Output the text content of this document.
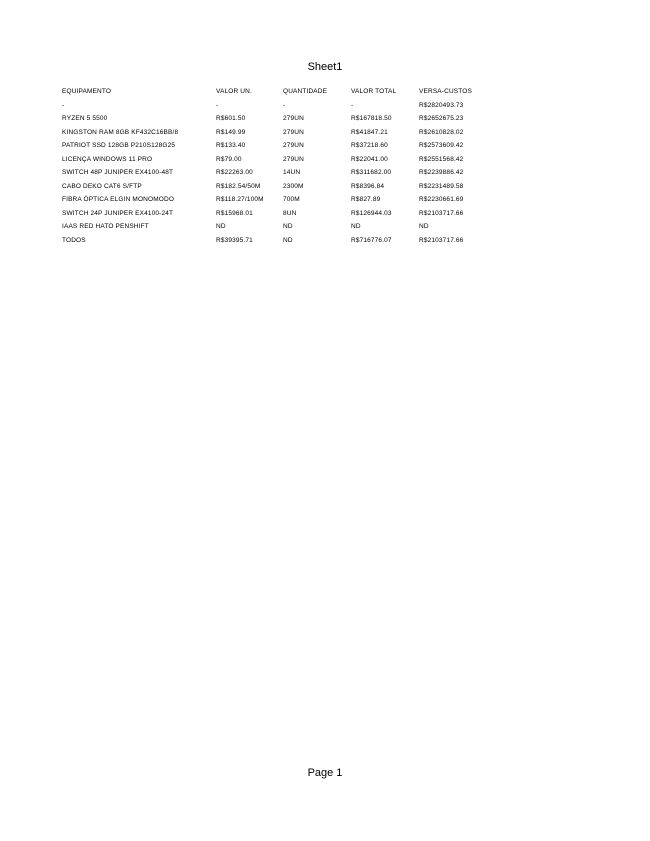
Sheet1
EQUIPAMENTO	VALOR UN.	QUANTIDADE	VALOR TOTAL	VERSA-CUSTOS
-	-	-	-	R$2820493.73
RYZEN 5 5500	R$601.50	279UN	R$167818.50	R$2652675.23
KINGSTON RAM 8GB KF432C16BB/8	R$149.99	279UN	R$41847.21	R$2610828.02
PATRIOT SSD 128GB P210S128G25	R$133.40	279UN	R$37218.60	R$2573609.42
LICENÇA WINDOWS 11 PRO	R$79.00	279UN	R$22041.00	R$2551568.42
SWITCH 48P JUNIPER EX4100-48T	R$22263.00	14UN	R$311682.00	R$2239886.42
CABO DEKO CAT6 S/FTP	R$182.54/50M	2300M	R$8396.84	R$2231489.58
FIBRA ÓPTICA ELGIN MONOMODO	R$118.27/100M	700M	R$827.89	R$2230661.69
SWITCH 24P JUNIPER EX4100-24T	R$15968.01	8UN	R$126944.03	R$2103717.66
IAAS RED HATO PENSHIFT	ND	ND	ND	ND
TODOS	R$39395.71	ND	R$716776.07	R$2103717.66
Page 1
